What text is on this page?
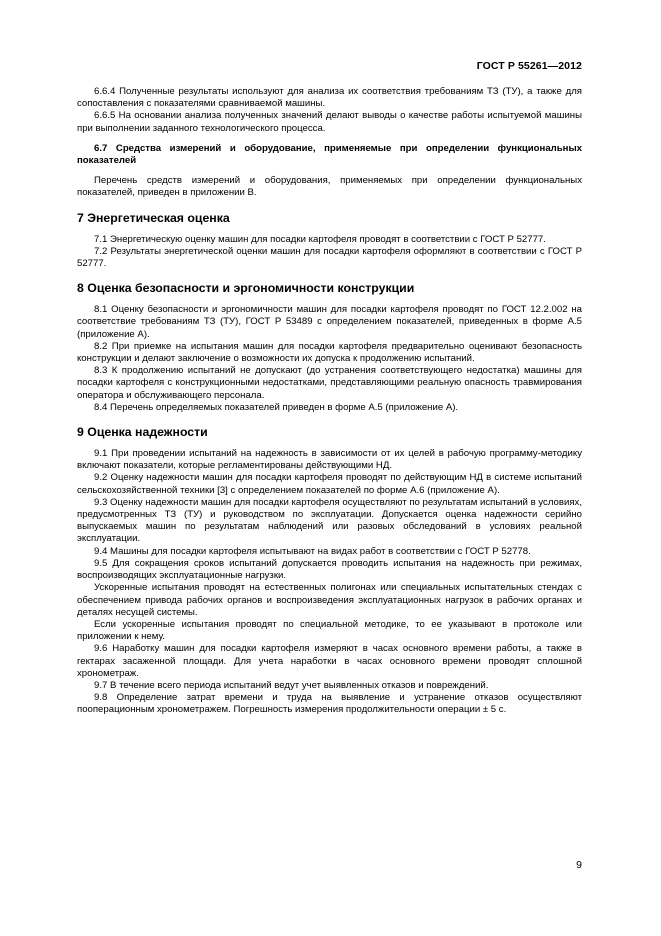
ГОСТ Р 55261—2012

6.6.4 Полученные результаты используют для анализа их соответствия требованиям ТЗ (ТУ), а также для сопоставления с показателями сравниваемой машины.

6.6.5 На основании анализа полученных значений делают выводы о качестве работы испытуемой машины при выполнении заданного технологического процесса.

6.7 Средства измерений и оборудование, применяемые при определении функциональных показателей

Перечень средств измерений и оборудования, применяемых при определении функциональных показателей, приведен в приложении В.

7 Энергетическая оценка

7.1 Энергетическую оценку машин для посадки картофеля проводят в соответствии с ГОСТ Р 52777.

7.2 Результаты энергетической оценки машин для посадки картофеля оформляют в соответствии с ГОСТ Р 52777.

8 Оценка безопасности и эргономичности конструкции

8.1 Оценку безопасности и эргономичности машин для посадки картофеля проводят по ГОСТ 12.2.002 на соответствие требованиям ТЗ (ТУ), ГОСТ Р 53489 с определением показателей, приведенных в форме А.5 (приложение А).

8.2 При приемке на испытания машин для посадки картофеля предварительно оценивают безопасность конструкции и делают заключение о возможности их допуска к продолжению испытаний.

8.3 К продолжению испытаний не допускают (до устранения соответствующего недостатка) машины для посадки картофеля с конструкционными недостатками, представляющими реальную опасность травмирования оператора и обслуживающего персонала.

8.4 Перечень определяемых показателей приведен в форме А.5 (приложение А).

9 Оценка надежности

9.1 При проведении испытаний на надежность в зависимости от их целей в рабочую программу-методику включают показатели, которые регламентированы действующими НД.

9.2 Оценку надежности машин для посадки картофеля проводят по действующим НД в системе испытаний сельскохозяйственной техники [3] с определением показателей по форме А.6 (приложение А).

9.3 Оценку надежности машин для посадки картофеля осуществляют по результатам испытаний в условиях, предусмотренных ТЗ (ТУ) и руководством по эксплуатации. Допускается оценка надежности серийно выпускаемых машин по результатам наблюдений или разовых обследований в условиях реальной эксплуатации.

9.4 Машины для посадки картофеля испытывают на видах работ в соответствии с ГОСТ Р 52778.

9.5 Для сокращения сроков испытаний допускается проводить испытания на надежность при режимах, воспроизводящих эксплуатационные нагрузки.

Ускоренные испытания проводят на естественных полигонах или специальных испытательных стендах с обеспечением привода рабочих органов и воспроизведения эксплуатационных нагрузок в рабочих органах и деталях несущей системы.

Если ускоренные испытания проводят по специальной методике, то ее указывают в протоколе или приложении к нему.

9.6 Наработку машин для посадки картофеля измеряют в часах основного времени работы, а также в гектарах засаженной площади. Для учета наработки в часах основного времени проводят сплошной хронометраж.

9.7 В течение всего периода испытаний ведут учет выявленных отказов и повреждений.

9.8 Определение затрат времени и труда на выявление и устранение отказов осуществляют пооперационным хронометражем. Погрешность измерения продолжительности операции ± 5 с.

9
